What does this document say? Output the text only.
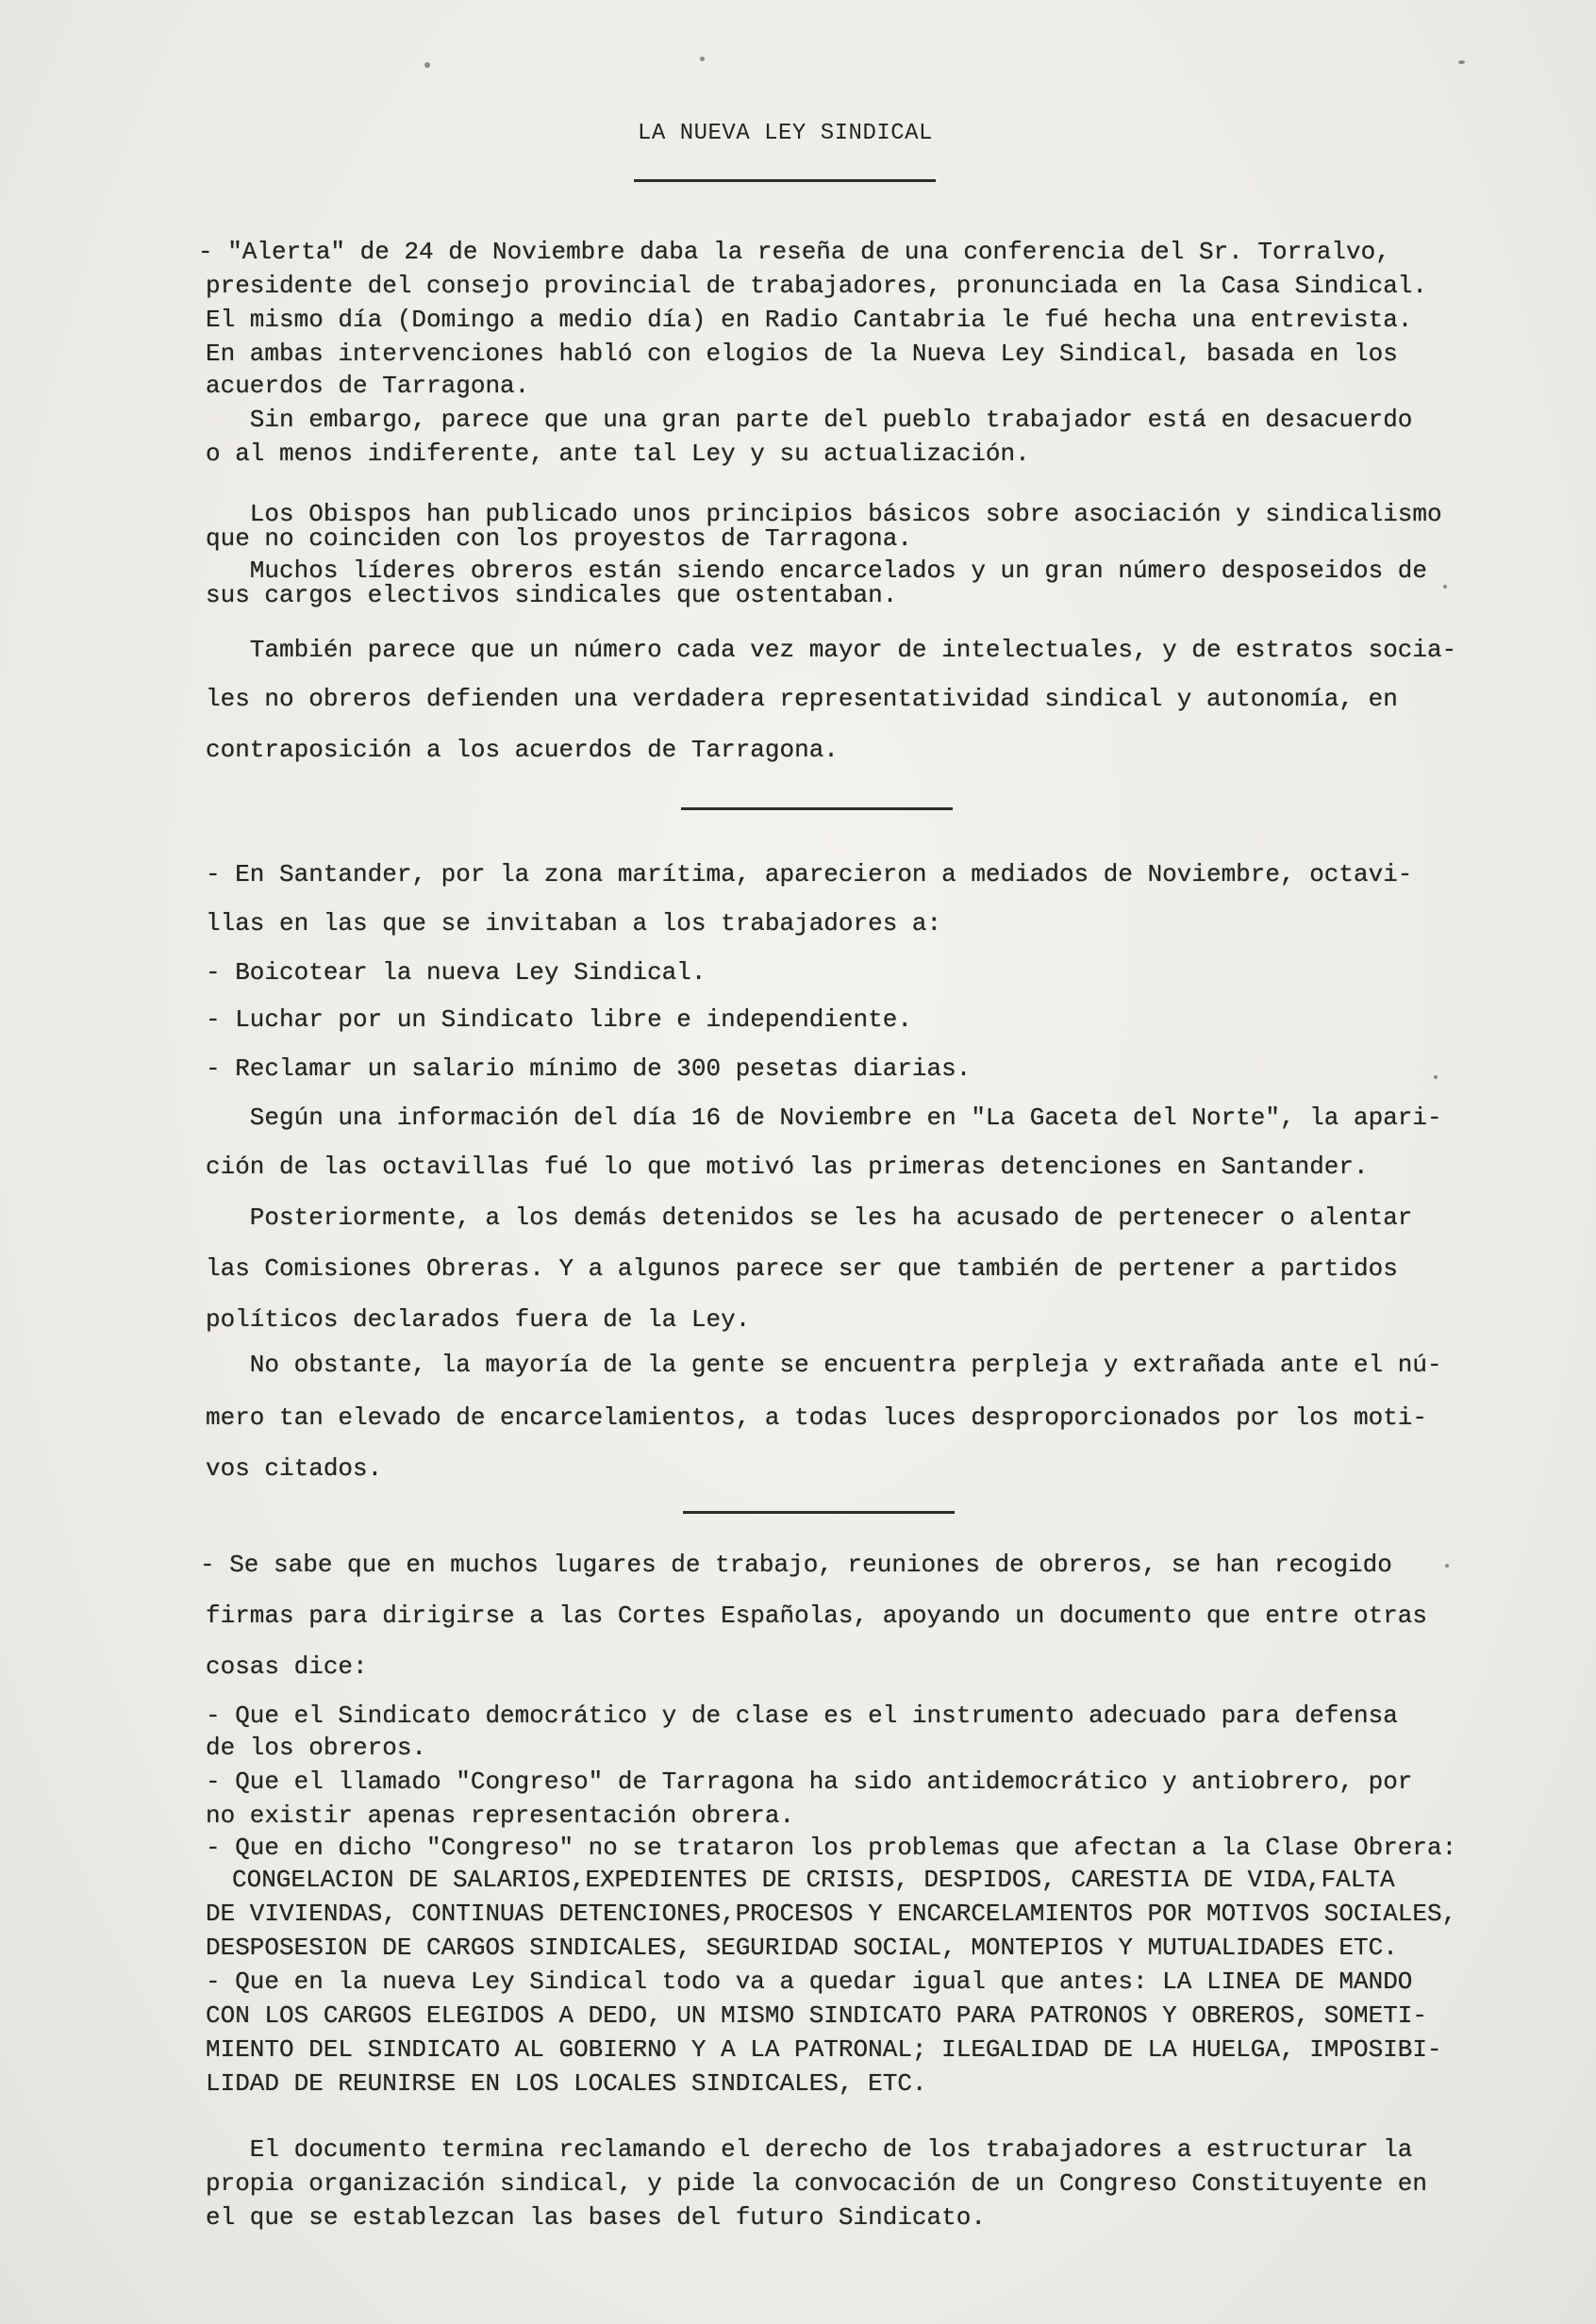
LA NUEVA LEY SINDICAL
- "Alerta" de 24 de Noviembre daba la reseña de una conferencia del Sr. Torralvo,
presidente del consejo provincial de trabajadores, pronunciada en la Casa Sindical.
El mismo día (Domingo a medio día) en Radio Cantabria le fué hecha una entrevista.
En ambas intervenciones habló con elogios de la Nueva Ley Sindical, basada en los
acuerdos de Tarragona.
Sin embargo, parece que una gran parte del pueblo trabajador está en desacuerdo
o al menos indiferente, ante tal Ley y su actualización.
Los Obispos han publicado unos principios básicos sobre asociación y sindicalismo
que no coinciden con los proyestos de Tarragona.
Muchos líderes obreros están siendo encarcelados y un gran número desposeidos de
sus cargos electivos sindicales que ostentaban.
También parece que un número cada vez mayor de intelectuales, y de estratos socia-
les no obreros defienden una verdadera representatividad sindical y autonomía, en
contraposición a los acuerdos de Tarragona.
- En Santander, por la zona marítima, aparecieron a mediados de Noviembre, octavi-
llas en las que se invitaban a los trabajadores a:
- Boicotear la nueva Ley Sindical.
- Luchar por un Sindicato libre e independiente.
- Reclamar un salario mínimo de 300 pesetas diarias.
Según una información del día 16 de Noviembre en "La Gaceta del Norte", la apari-
ción de las octavillas fué lo que motivó las primeras detenciones en Santander.
Posteriormente, a los demás detenidos se les ha acusado de pertenecer o alentar
las Comisiones Obreras. Y a algunos parece ser que también de pertener a partidos
políticos declarados fuera de la Ley.
No obstante, la mayoría de la gente se encuentra perpleja y extrañada ante el nú-
mero tan elevado de encarcelamientos, a todas luces desproporcionados por los moti-
vos citados.
- Se sabe que en muchos lugares de trabajo, reuniones de obreros, se han recogido
firmas para dirigirse a las Cortes Españolas, apoyando un documento que entre otras
cosas dice:
- Que el Sindicato democrático y de clase es el instrumento adecuado para defensa
de los obreros.
- Que el llamado "Congreso" de Tarragona ha sido antidemocrático y antiobrero, por
no existir apenas representación obrera.
- Que en dicho "Congreso" no se trataron los problemas que afectan a la Clase Obrera:
CONGELACION DE SALARIOS,EXPEDIENTES DE CRISIS, DESPIDOS, CARESTIA DE VIDA,FALTA
DE VIVIENDAS, CONTINUAS DETENCIONES,PROCESOS Y ENCARCELAMIENTOS POR MOTIVOS SOCIALES,
DESPOSESION DE CARGOS SINDICALES, SEGURIDAD SOCIAL, MONTEPIOS Y MUTUALIDADES ETC.
- Que en la nueva Ley Sindical todo va a quedar igual que antes: LA LINEA DE MANDO
CON LOS CARGOS ELEGIDOS A DEDO, UN MISMO SINDICATO PARA PATRONOS Y OBREROS, SOMETI-
MIENTO DEL SINDICATO AL GOBIERNO Y A LA PATRONAL; ILEGALIDAD DE LA HUELGA, IMPOSIBI-
LIDAD DE REUNIRSE EN LOS LOCALES SINDICALES, ETC.
El documento termina reclamando el derecho de los trabajadores a estructurar la
propia organización sindical, y pide la convocación de un Congreso Constituyente en
el que se establezcan las bases del futuro Sindicato.
